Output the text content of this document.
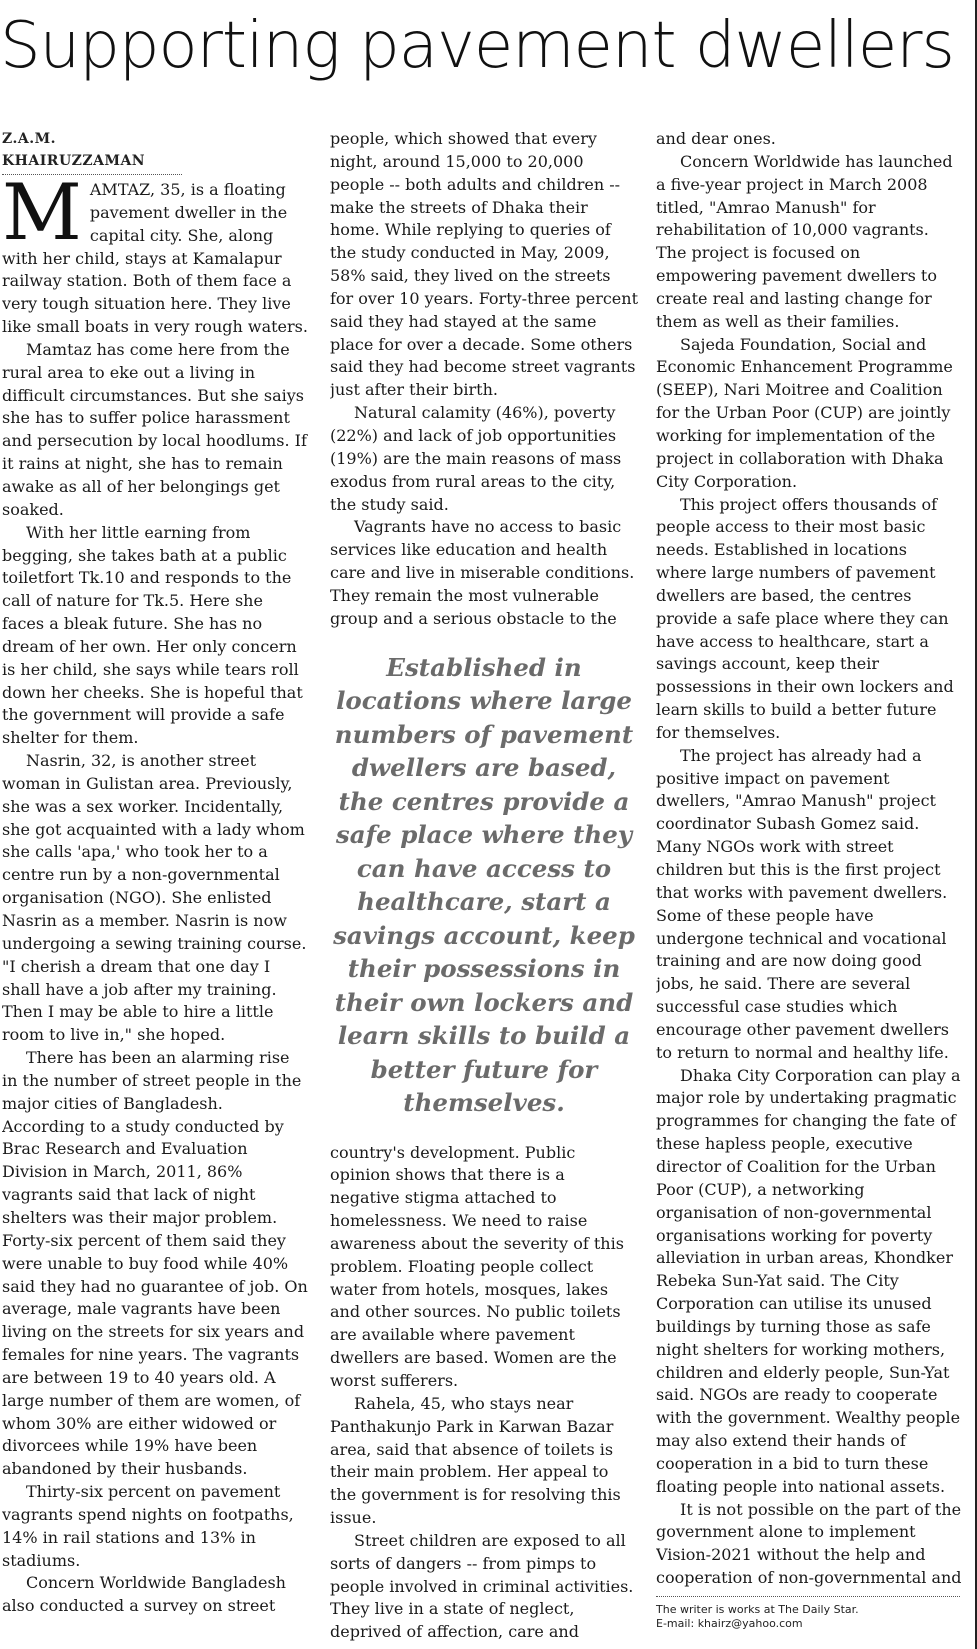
Supporting pavement dwellers
Z.A.M. KHAIRUZZAMAN
M AMTAZ, 35, is a floating pavement dweller in the capital city. She, along with her child, stays at Kamalapur railway station. Both of them face a very tough situation here. They live like small boats in very rough waters.

Mamtaz has come here from the rural area to eke out a living in difficult circumstances. But she saiys she has to suffer police harassment and persecution by local hoodlums. If it rains at night, she has to remain awake as all of her belongings get soaked.

With her little earning from begging, she takes bath at a public toiletfort Tk.10 and responds to the call of nature for Tk.5. Here she faces a bleak future. She has no dream of her own. Her only concern is her child, she says while tears roll down her cheeks. She is hopeful that the government will provide a safe shelter for them.

Nasrin, 32, is another street woman in Gulistan area. Previously, she was a sex worker. Incidentally, she got acquainted with a lady whom she calls 'apa,' who took her to a centre run by a non-governmental organisation (NGO). She enlisted Nasrin as a member. Nasrin is now undergoing a sewing training course. "I cherish a dream that one day I shall have a job after my training. Then I may be able to hire a little room to live in," she hoped.

There has been an alarming rise in the number of street people in the major cities of Bangladesh. According to a study conducted by Brac Research and Evaluation Division in March, 2011, 86% vagrants said that lack of night shelters was their major problem. Forty-six percent of them said they were unable to buy food while 40% said they had no guarantee of job. On average, male vagrants have been living on the streets for six years and females for nine years. The vagrants are between 19 to 40 years old. A large number of them are women, of whom 30% are either widowed or divorcees while 19% have been abandoned by their husbands.

Thirty-six percent on pavement vagrants spend nights on footpaths, 14% in rail stations and 13% in stadiums.

Concern Worldwide Bangladesh also conducted a survey on street

people, which showed that every night, around 15,000 to 20,000 people -- both adults and children -- make the streets of Dhaka their home. While replying to queries of the study conducted in May, 2009, 58% said, they lived on the streets for over 10 years. Forty-three percent said they had stayed at the same place for over a decade. Some others said they had become street vagrants just after their birth.

Natural calamity (46%), poverty (22%) and lack of job opportunities (19%) are the main reasons of mass exodus from rural areas to the city, the study said.

Vagrants have no access to basic services like education and health care and live in miserable conditions. They remain the most vulnerable group and a serious obstacle to the

Established in locations where large numbers of pavement dwellers are based, the centres provide a safe place where they can have access to healthcare, start a savings account, keep their possessions in their own lockers and learn skills to build a better future for themselves.

country's development. Public opinion shows that there is a negative stigma attached to homelessness. We need to raise awareness about the severity of this problem. Floating people collect water from hotels, mosques, lakes and other sources. No public toilets are available where pavement dwellers are based. Women are the worst sufferers.

Rahela, 45, who stays near Panthakunjo Park in Karwan Bazar area, said that absence of toilets is their main problem. Her appeal to the government is for resolving this issue.

Street children are exposed to all sorts of dangers -- from pimps to people involved in criminal activities. They live in a state of neglect, deprived of affection, care and

and dear ones.

Concern Worldwide has launched a five-year project in March 2008 titled, "Amrao Manush" for rehabilitation of 10,000 vagrants. The project is focused on empowering pavement dwellers to create real and lasting change for them as well as their families.

Sajeda Foundation, Social and Economic Enhancement Programme (SEEP), Nari Moitree and Coalition for the Urban Poor (CUP) are jointly working for implementation of the project in collaboration with Dhaka City Corporation.

This project offers thousands of people access to their most basic needs. Established in locations where large numbers of pavement dwellers are based, the centres provide a safe place where they can have access to healthcare, start a savings account, keep their possessions in their own lockers and learn skills to build a better future for themselves.

The project has already had a positive impact on pavement dwellers, "Amrao Manush" project coordinator Subash Gomez said. Many NGOs work with street children but this is the first project that works with pavement dwellers. Some of these people have undergone technical and vocational training and are now doing good jobs, he said. There are several successful case studies which encourage other pavement dwellers to return to normal and healthy life.

Dhaka City Corporation can play a major role by undertaking pragmatic programmes for changing the fate of these hapless people, executive director of Coalition for the Urban Poor (CUP), a networking organisation of non-governmental organisations working for poverty alleviation in urban areas, Khondker Rebeka Sun-Yat said. The City Corporation can utilise its unused buildings by turning those as safe night shelters for working mothers, children and elderly people, Sun-Yat said. NGOs are ready to cooperate with the government. Wealthy people may also extend their hands of cooperation in a bid to turn these floating people into national assets.

It is not possible on the part of the government alone to implement Vision-2021 without the help and cooperation of non-governmental and

The writer is works at The Daily Star.
E-mail: khairz@yahoo.com
